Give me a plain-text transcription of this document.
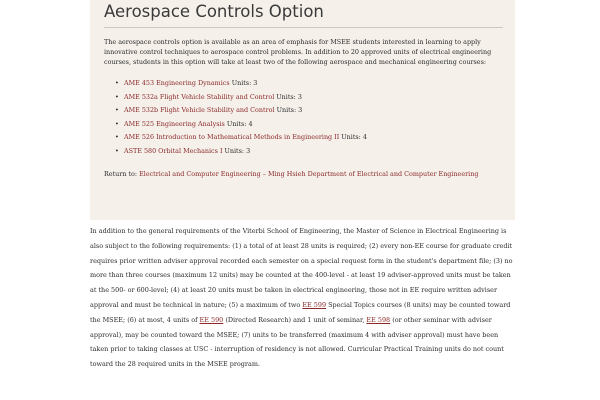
Aerospace Controls Option

The aerospace controls option is available as an area of emphasis for MSEE students interested in learning to apply innovative control techniques to aerospace control problems. In addition to 20 approved units of electrical engineering courses, students in this option will take at least two of the following aerospace and mechanical engineering courses:

• AME 453 Engineering Dynamics Units: 3
• AME 532a Flight Vehicle Stability and Control Units: 3
• AME 532b Flight Vehicle Stability and Control Units: 3
• AME 525 Engineering Analysis Units: 4
• AME 526 Introduction to Mathematical Methods in Engineering II Units: 4
• ASTE 580 Orbital Mechanics I Units: 3

Return to: Electrical and Computer Engineering – Ming Hsieh Department of Electrical and Computer Engineering

In addition to the general requirements of the Viterbi School of Engineering, the Master of Science in Electrical Engineering is also subject to the following requirements: (1) a total of at least 28 units is required; (2) every non-EE course for graduate credit requires prior written adviser approval recorded each semester on a special request form in the student's department file; (3) no more than three courses (maximum 12 units) may be counted at the 400-level - at least 19 adviser-approved units must be taken at the 500- or 600-level; (4) at least 20 units must be taken in electrical engineering, those not in EE require written adviser approval and must be technical in nature; (5) a maximum of two EE 599 Special Topics courses (8 units) may be counted toward the MSEE; (6) at most, 4 units of EE 590 (Directed Research) and 1 unit of seminar, EE 598 (or other seminar with adviser approval), may be counted toward the MSEE; (7) units to be transferred (maximum 4 with adviser approval) must have been taken prior to taking classes at USC - interruption of residency is not allowed. Curricular Practical Training units do not count toward the 28 required units in the MSEE program.
